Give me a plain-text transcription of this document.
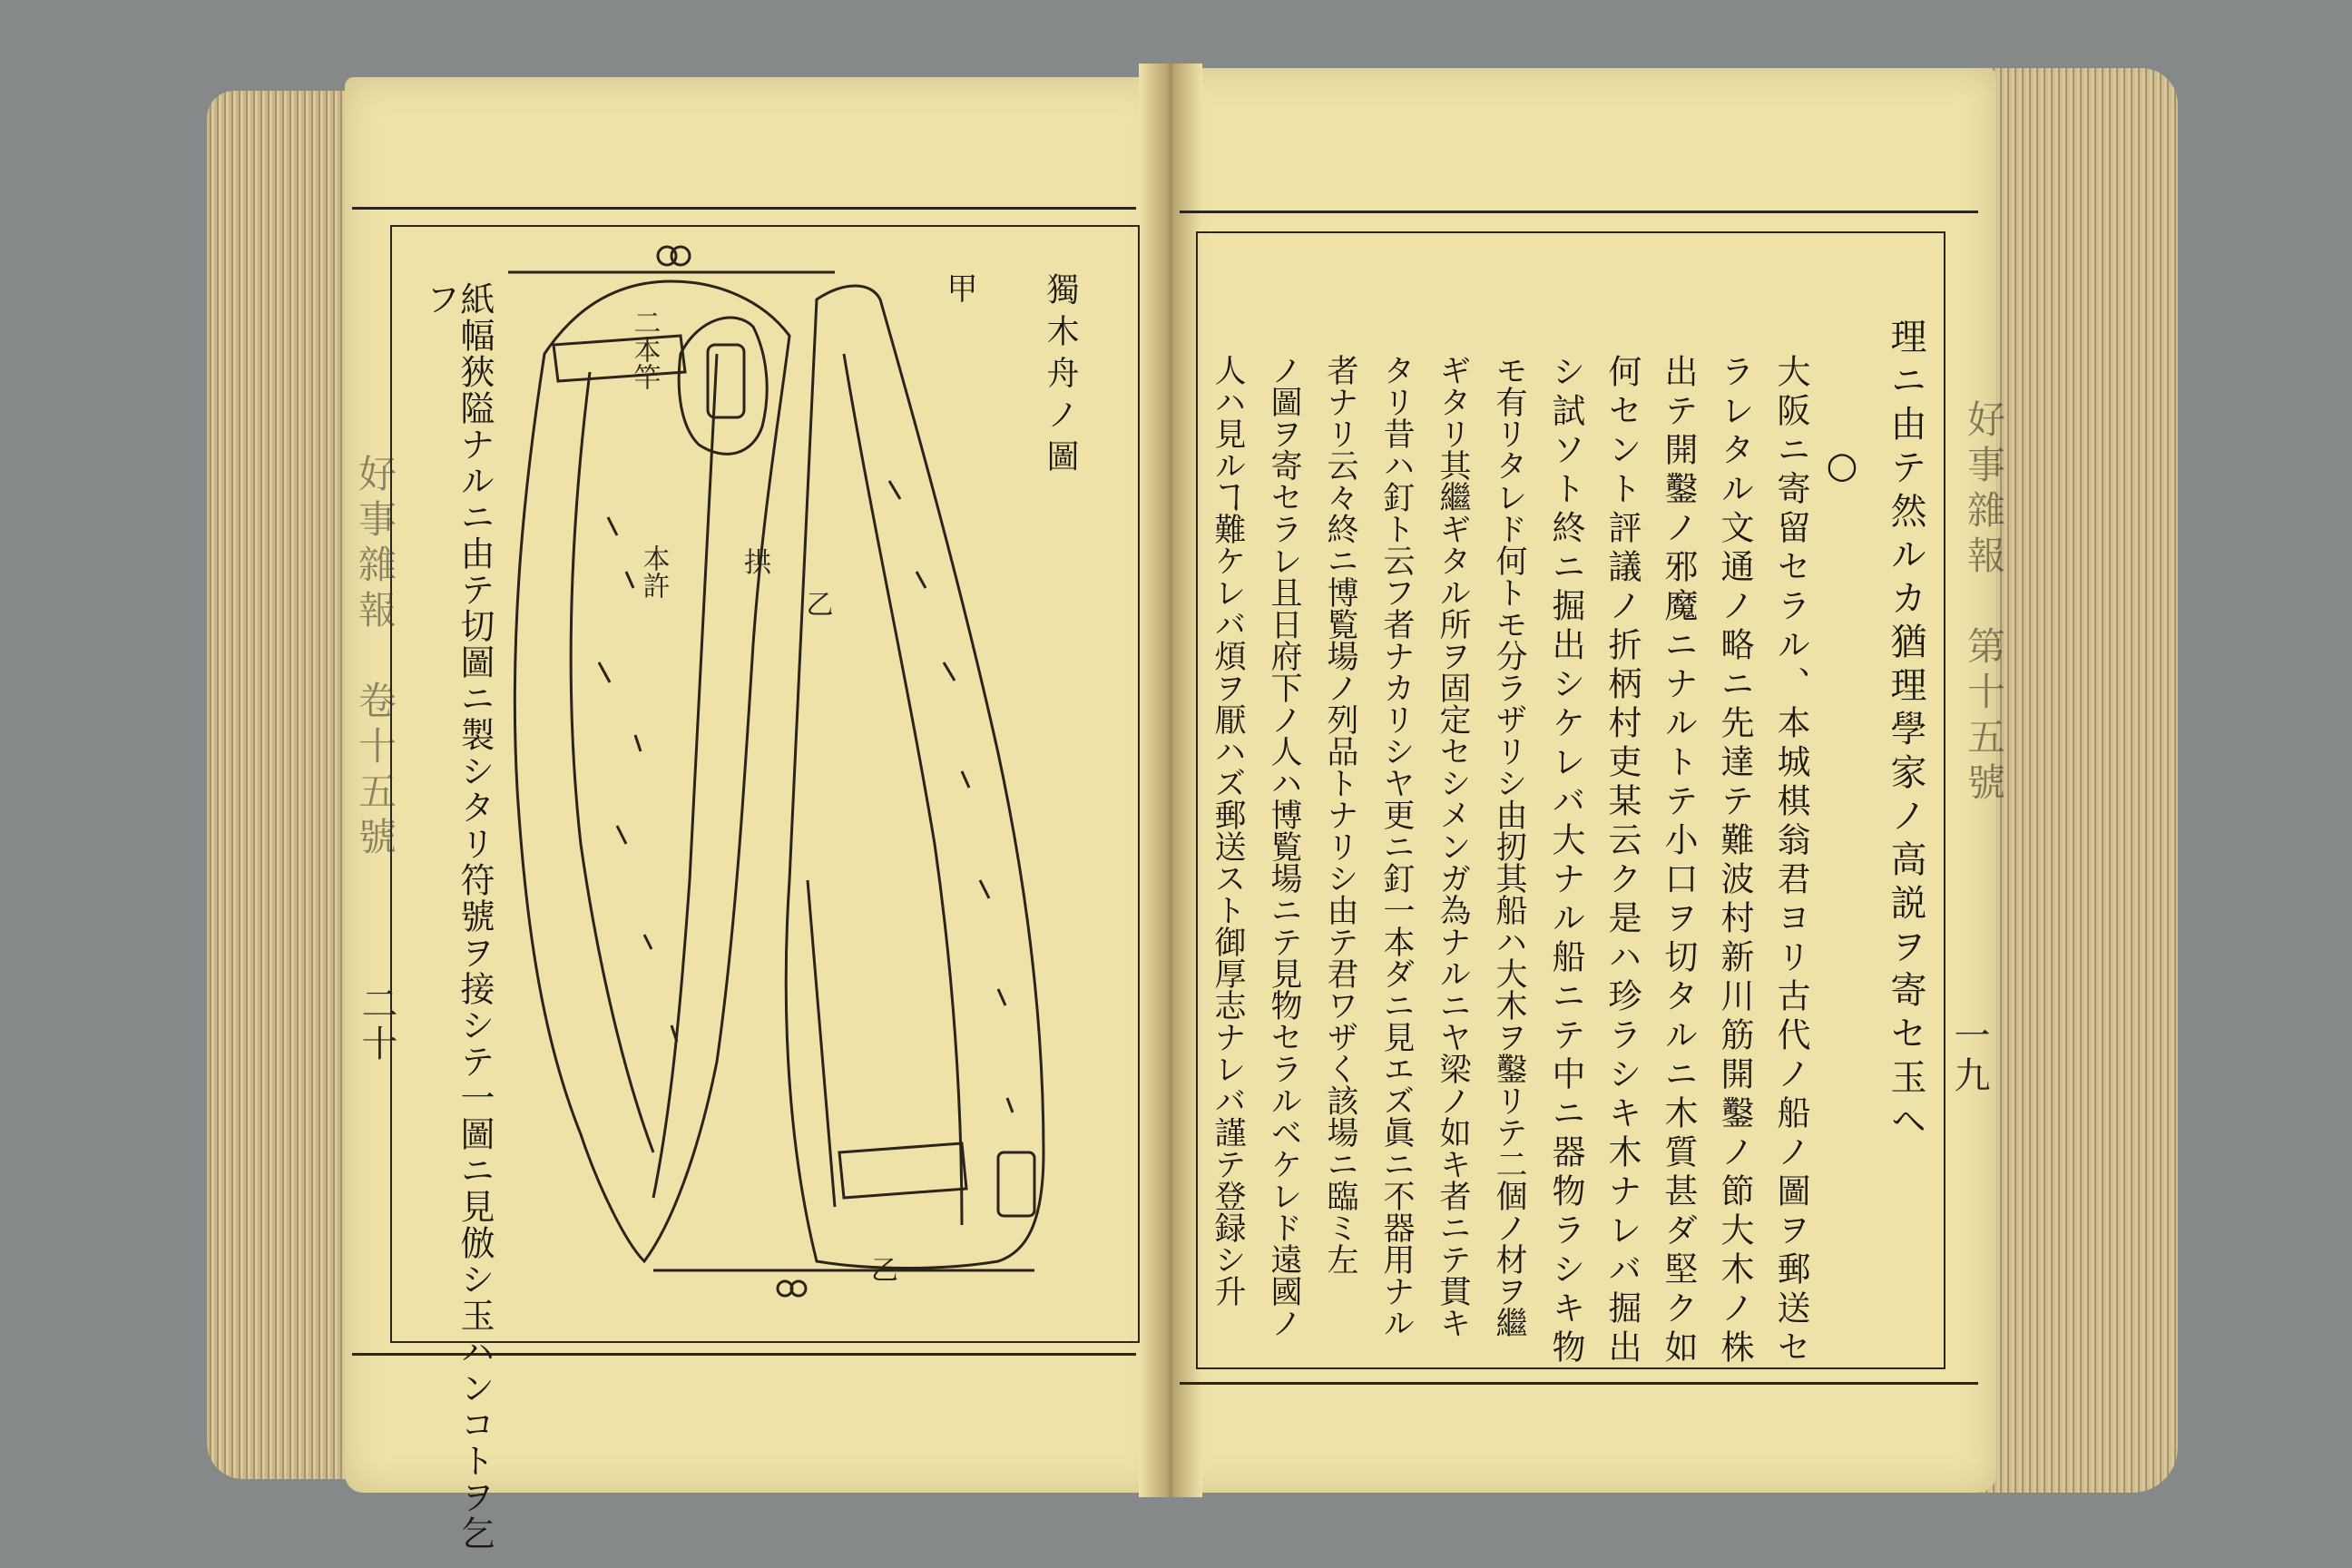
好事雜報　卷十五號
二十
獨木舟ノ圖
紙幅狹隘ナルニ由テ切圖ニ製シタリ符號ヲ接シテ一圖ニ見倣シ玉ハンコトヲ乞フ
二本竿
本許	拱
乙
乙
甲
好事雜報　第十五號
一九
理ニ由テ然ルカ猶理學家ノ高説ヲ寄セ玉ヘ
○
大阪ニ寄留セラル、本城棋翁君ヨリ古代ノ船ノ圖ヲ郵送セ
ラレタル文通ノ略ニ先達テ難波村新川筋開鑿ノ節大木ノ株
出テ開鑿ノ邪魔ニナルトテ小口ヲ切タルニ木質甚ダ堅ク如
何セント評議ノ折柄村吏某云ク是ハ珍ラシキ木ナレバ掘出
シ試ソト終ニ掘出シケレバ大ナル船ニテ中ニ器物ラシキ物
モ有リタレド何トモ分ラザリシ由扨其船ハ大木ヲ鑿リテ二個ノ材ヲ繼
ギタリ其繼ギタル所ヲ固定セシメンガ為ナルニヤ梁ノ如キ者ニテ貫キ
タリ昔ハ釘ト云フ者ナカリシヤ更ニ釘一本ダニ見エズ眞ニ不器用ナル
者ナリ云々終ニ博覧場ノ列品トナリシ由テ君ワザく該場ニ臨ミ左
ノ圖ヲ寄セラレ且日府下ノ人ハ博覧場ニテ見物セラルベケレド遠國ノ
人ハ見ルヿ難ケレバ煩ヲ厭ハズ郵送スト御厚志ナレバ謹テ登録シ升
